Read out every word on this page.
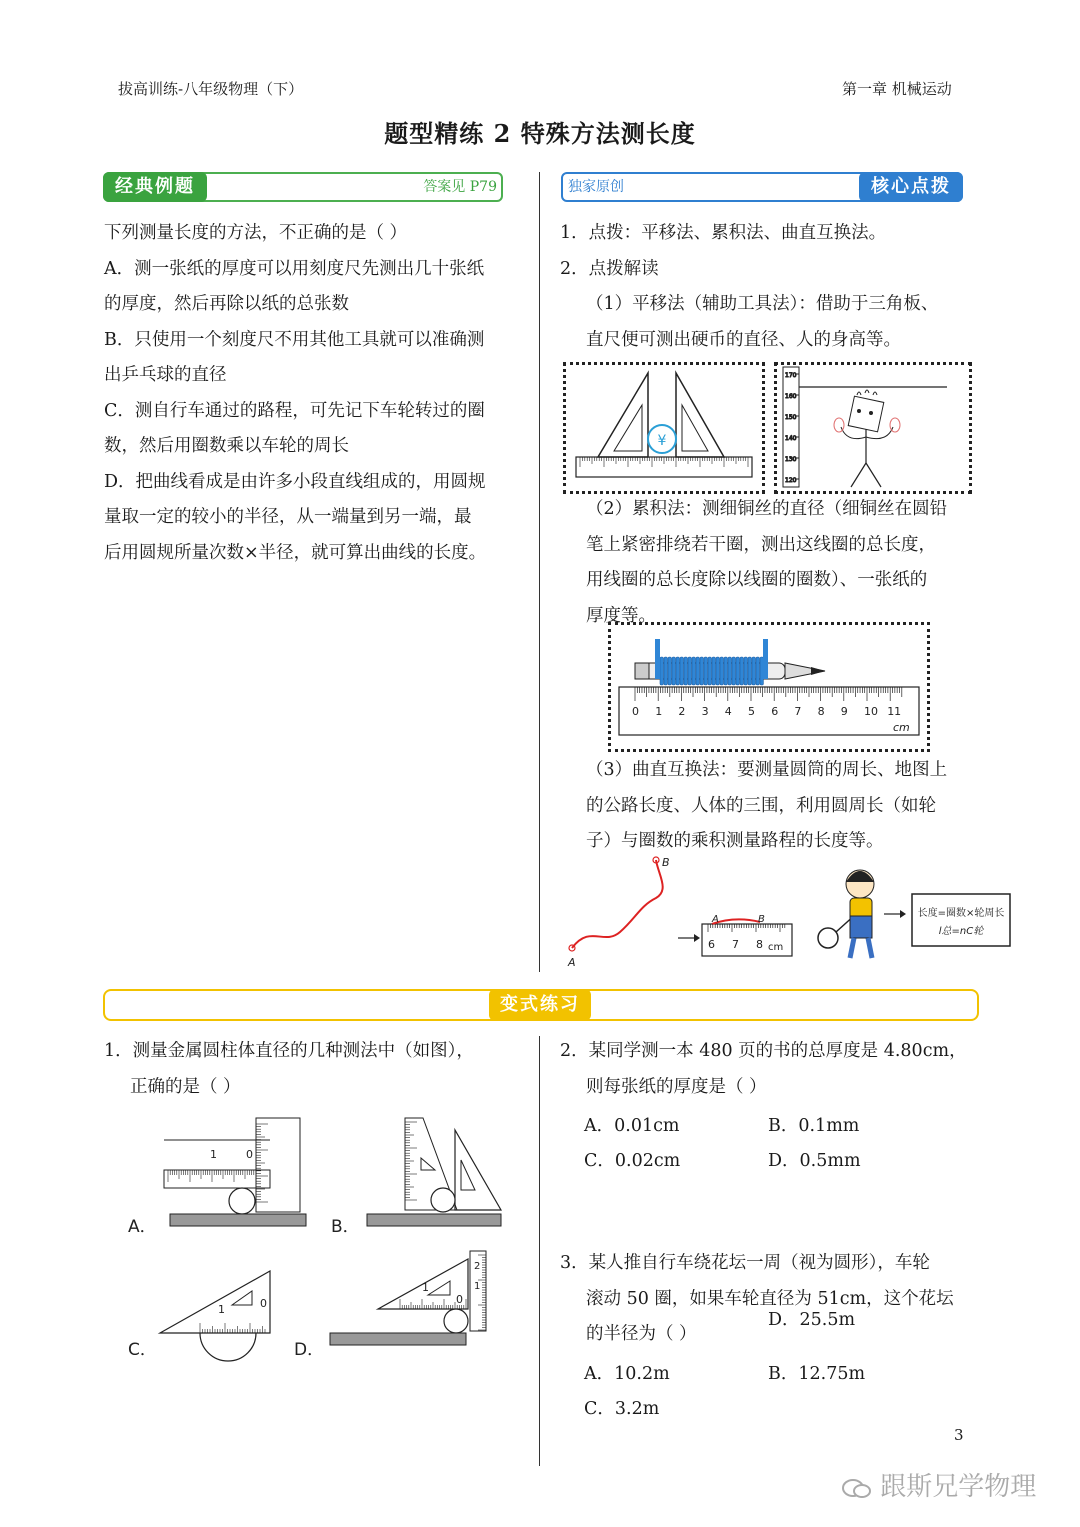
拔高训练-八年级物理（下）	第一章 机械运动
题型精练 2 特殊方法测长度
经典例题	答案见 P79
下列测量长度的方法，不正确的是（ ）
A．测一张纸的厚度可以用刻度尺先测出几十张纸
的厚度，然后再除以纸的总张数
B．只使用一个刻度尺不用其他工具就可以准确测
出乒乓球的直径
C．测自行车通过的路程，可先记下车轮转过的圈
数，然后用圈数乘以车轮的周长
D．把曲线看成是由许多小段直线组成的，用圆规
量取一定的较小的半径，从一端量到另一端，最
后用圆规所量次数×半径，就可算出曲线的长度。
核心点拨
独家原创
1．点拨：平移法、累积法、曲直互换法。
2．点拨解读
（1）平移法（辅助工具法）：借助于三角板、
直尺便可测出硬币的直径、人的身高等。
¥
170
160
150
140
130
120
（2）累积法：测细铜丝的直径（细铜丝在圆铅
笔上紧密排绕若干圈，测出这线圈的总长度，
用线圈的总长度除以线圈的圈数）、一张纸的
厚度等。
0 1 2 3 4 5 6 7 8 9 10 11
cm
（3）曲直互换法：要测量圆筒的周长、地图上
的公路长度、人体的三围，利用圆周长（如轮
子）与圈数的乘积测量路程的长度等。
A
B
A	B
6 7 8 cm
长度=圈数×轮周长
l总=nC轮
变式练习
1．测量金属圆柱体直径的几种测法中（如图），
正确的是（ ）
1	0
A．	B．
1	0
C．
1
0
1
2
D．
2．某同学测一本 480 页的书的总厚度是 4.80cm，
则每张纸的厚度是（ ）
A．0.01cm	B．0.1mm
C．0.02cm	D．0.5mm
3．某人推自行车绕花坛一周（视为圆形），车轮
滚动 50 圈，如果车轮直径为 51cm，这个花坛
的半径为（ ）
A．10.2m	B．12.75m
C．3.2m
D．25.5m
3
跟斯兄学物理
